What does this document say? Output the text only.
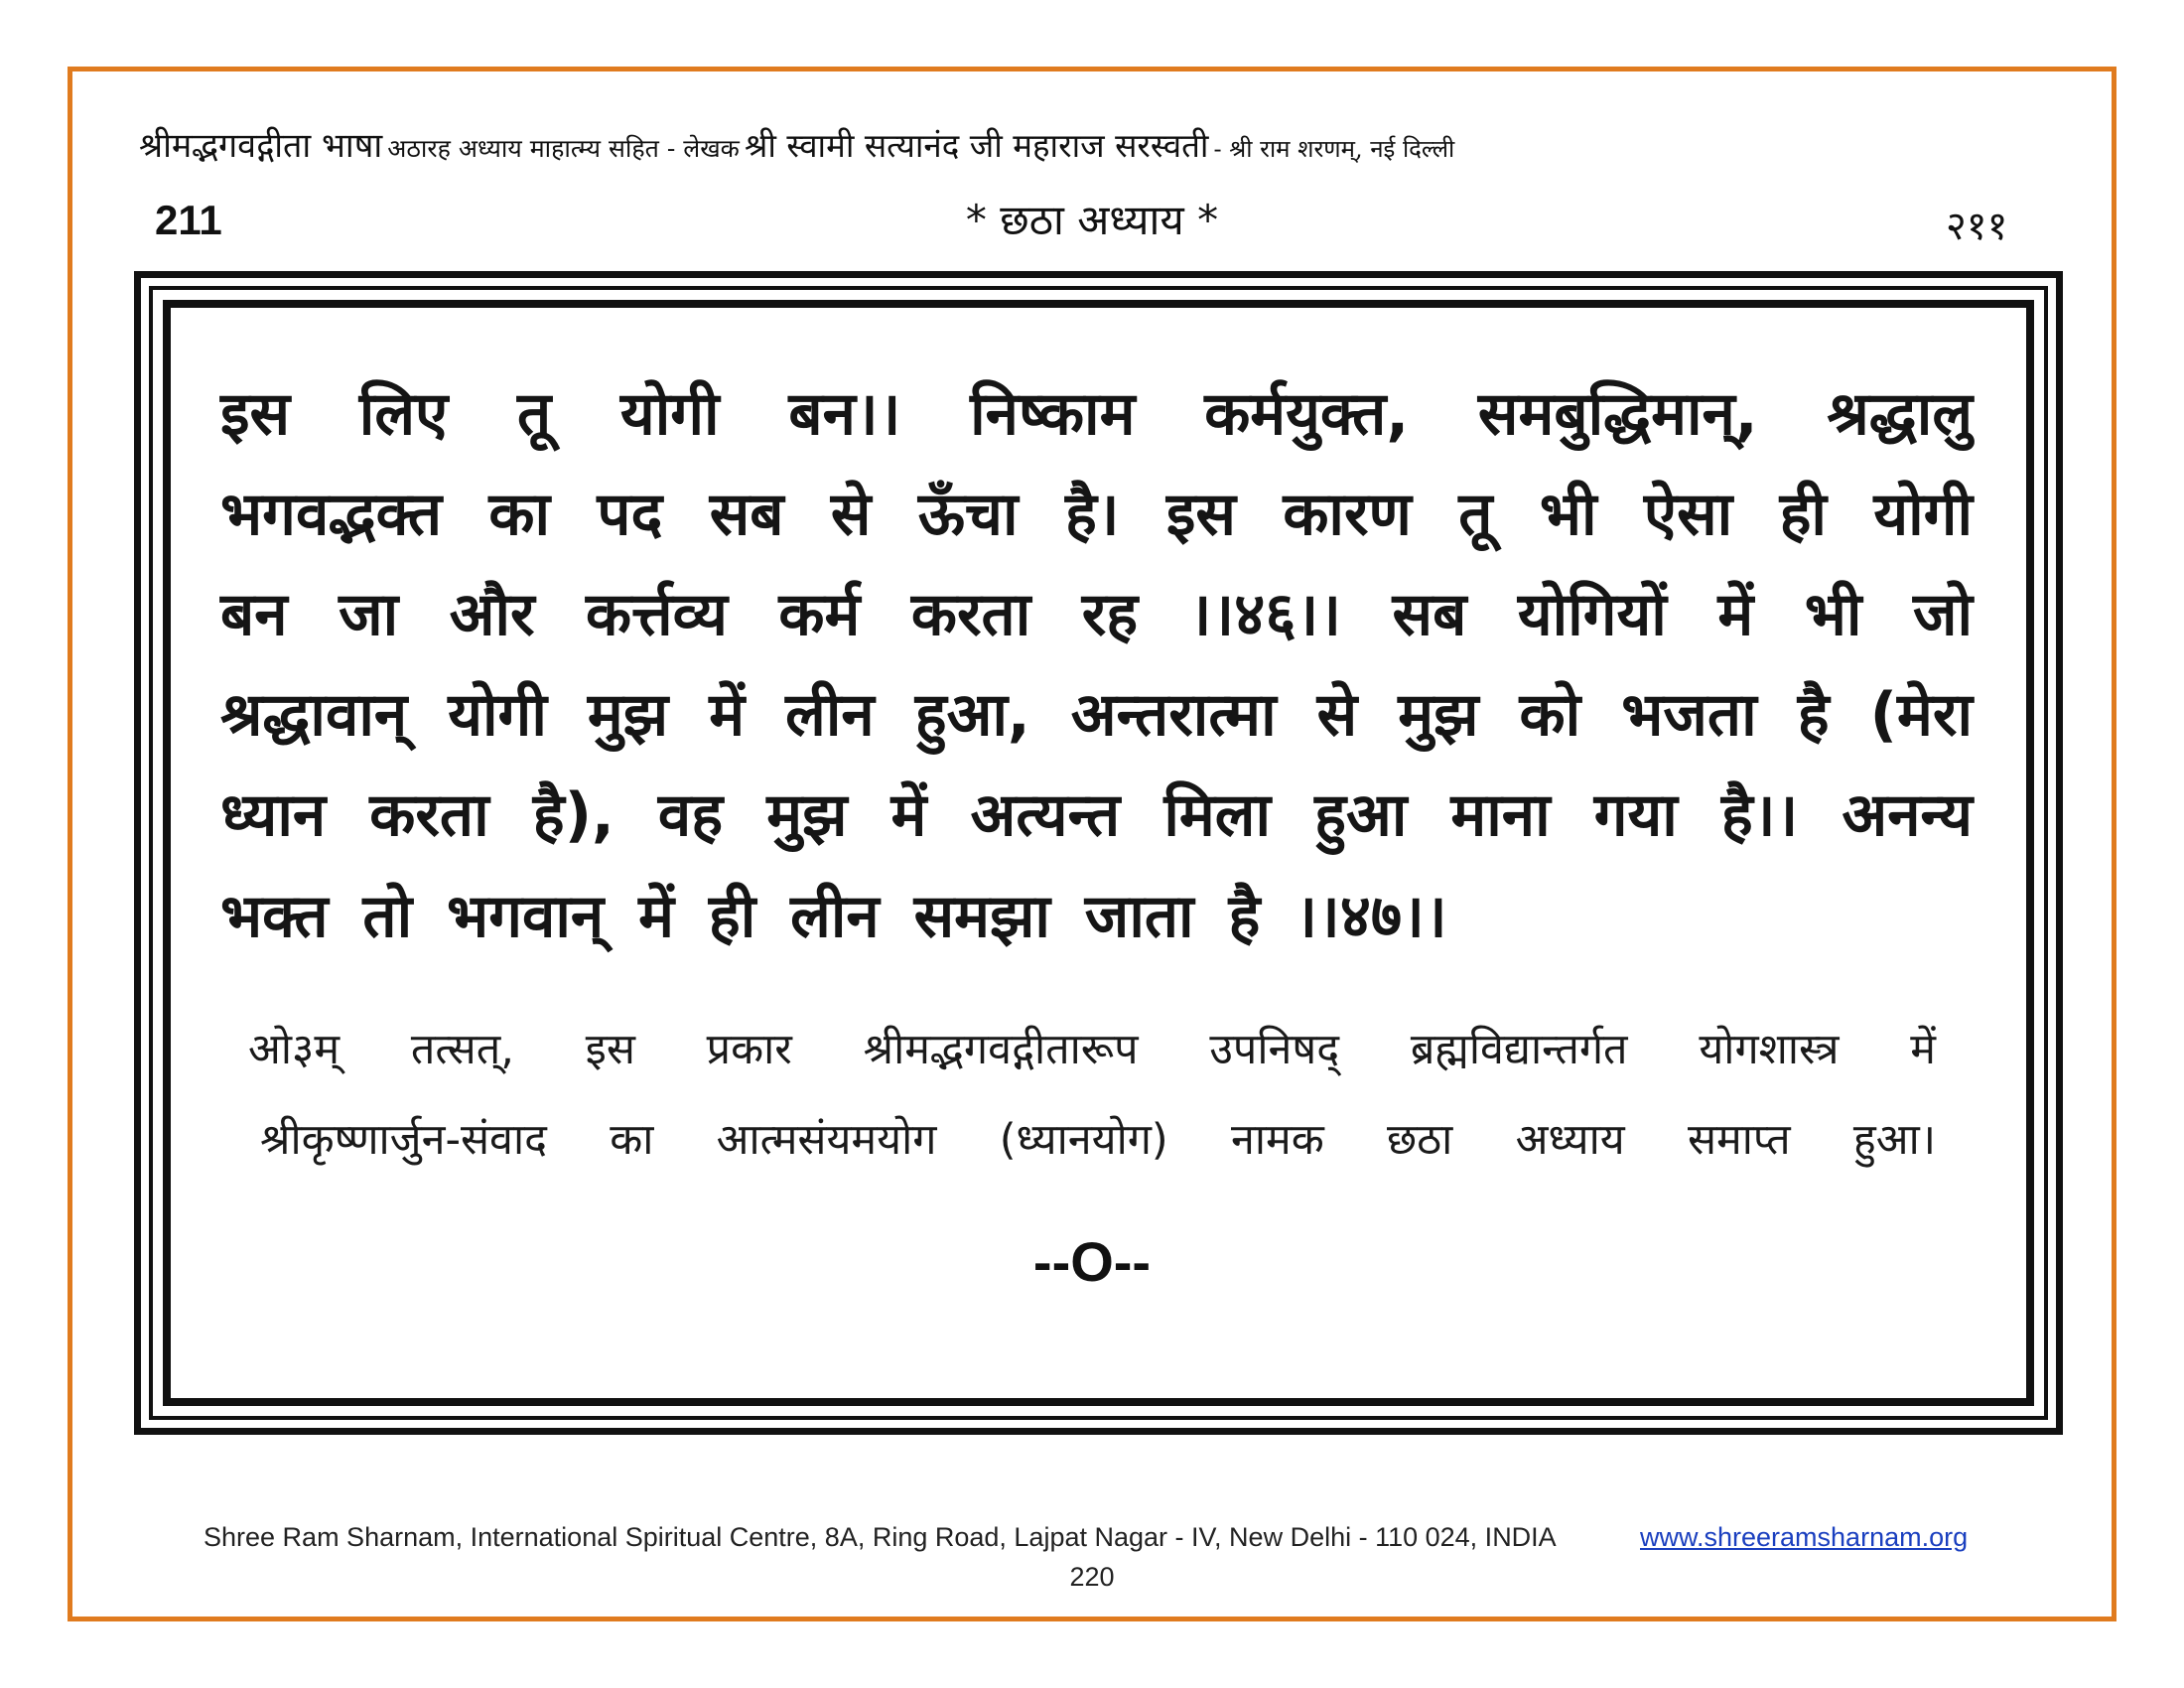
श्रीमद्भगवद्गीता भाषा अठारह अध्याय माहात्म्य सहित - लेखक श्री स्वामी सत्यानंद जी महाराज सरस्वती - श्री राम शरणम्, नई दिल्ली
211	* छठा अध्याय *	२११
इस लिए तू योगी बन।। निष्काम कर्मयुक्त, समबुद्धिमान्, श्रद्धालु
भगवद्भक्त का पद सब से ऊँचा है। इस कारण तू भी ऐसा ही योगी
बन जा और कर्त्तव्य कर्म करता रह ।।४६।। सब योगियों में भी जो
श्रद्धावान् योगी मुझ में लीन हुआ, अन्तरात्मा से मुझ को भजता है (मेरा
ध्यान करता है), वह मुझ में अत्यन्त मिला हुआ माना गया है।। अनन्य
भक्त तो भगवान् में ही लीन समझा जाता है ।।४७।।
ओ३म् तत्सत्, इस प्रकार श्रीमद्भगवद्गीतारूप उपनिषद् ब्रह्मविद्यान्तर्गत योगशास्त्र में
श्रीकृष्णार्जुन-संवाद का आत्मसंयमयोग (ध्यानयोग) नामक छठा अध्याय समाप्त हुआ।
--O--
Shree Ram Sharnam, International Spiritual Centre, 8A, Ring Road, Lajpat Nagar - IV, New Delhi - 110 024, INDIA	www.shreeramsharnam.org
220
